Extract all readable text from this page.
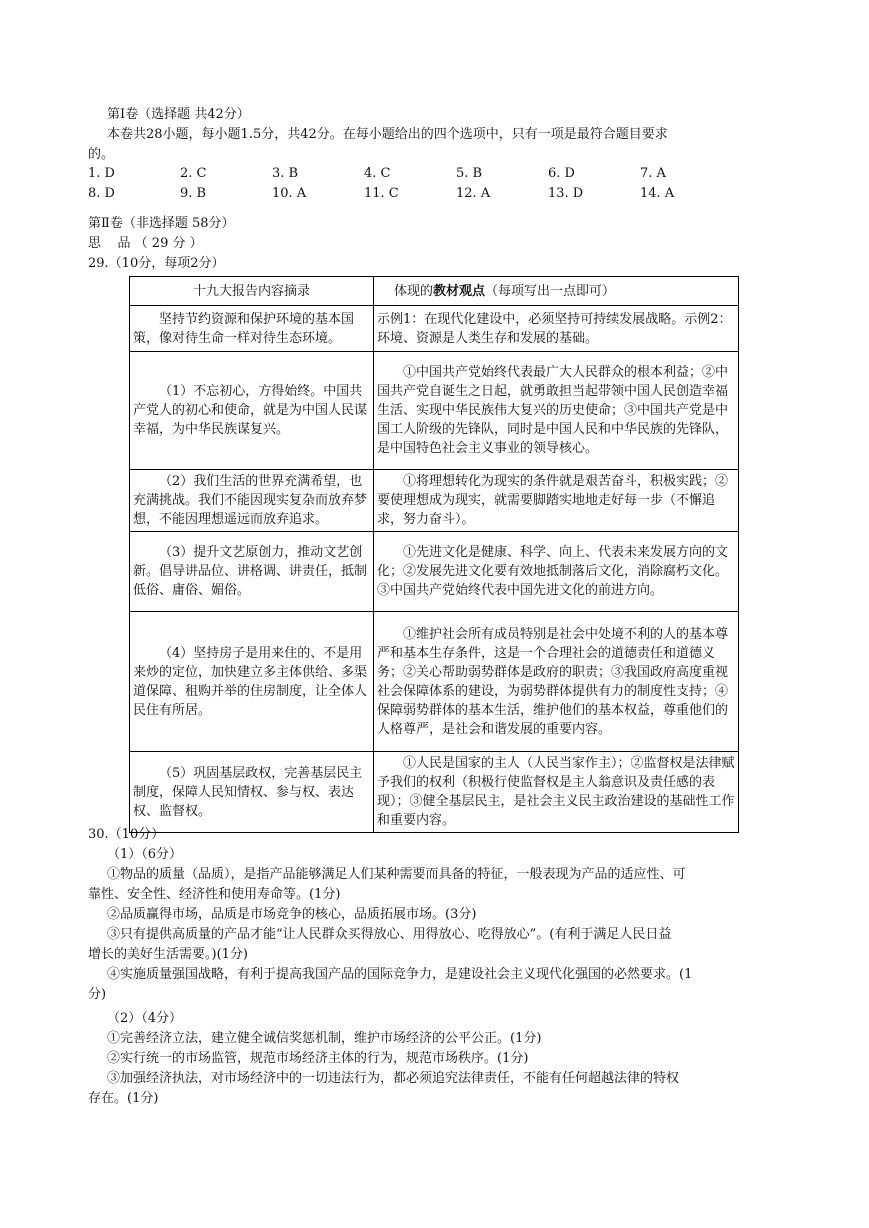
第Ⅰ卷（选择题 共42分）
本卷共28小题，每小题1.5分，共42分。在每小题给出的四个选项中，只有一项是最符合题目要求
的。
1. D	2. C	3. B	4. C	5. B	6. D	7. A
8. D	9. B	10. A	11. C	12. A	13. D	14. A
第Ⅱ卷（非选择题 58分）
思    品 （ 29 分 ）
29.（10分，每项2分）
十九大报告内容摘录	体现的教材观点（每项写出一点即可）
坚持节约资源和保护环境的基本国策，像对待生命一样对待生态环境。	示例1：在现代化建设中，必须坚持可持续发展战略。示例2：环境、资源是人类生存和发展的基础。
（1）不忘初心，方得始终。中国共产党人的初心和使命，就是为中国人民谋幸福，为中华民族谋复兴。	①中国共产党始终代表最广大人民群众的根本利益；②中国共产党自诞生之日起，就勇敢担当起带领中国人民创造幸福生活、实现中华民族伟大复兴的历史使命；③中国共产党是中国工人阶级的先锋队，同时是中国人民和中华民族的先锋队，是中国特色社会主义事业的领导核心。
（2）我们生活的世界充满希望，也充满挑战。我们不能因现实复杂而放弃梦想，不能因理想遥远而放弃追求。	①将理想转化为现实的条件就是艰苦奋斗，积极实践；②要使理想成为现实，就需要脚踏实地地走好每一步（不懈追求，努力奋斗）。
（3）提升文艺原创力，推动文艺创新。倡导讲品位、讲格调、讲责任，抵制低俗、庸俗、媚俗。	①先进文化是健康、科学、向上、代表未来发展方向的文化；②发展先进文化要有效地抵制落后文化，消除腐朽文化。③中国共产党始终代表中国先进文化的前进方向。
（4）坚持房子是用来住的、不是用来炒的定位，加快建立多主体供给、多渠道保障、租购并举的住房制度，让全体人民住有所居。	①维护社会所有成员特别是社会中处境不利的人的基本尊严和基本生存条件，这是一个合理社会的道德责任和道德义务；②关心帮助弱势群体是政府的职责；③我国政府高度重视社会保障体系的建设，为弱势群体提供有力的制度性支持；④保障弱势群体的基本生活，维护他们的基本权益，尊重他们的人格尊严，是社会和谐发展的重要内容。
（5）巩固基层政权，完善基层民主制度，保障人民知情权、参与权、表达权、监督权。	①人民是国家的主人（人民当家作主）；②监督权是法律赋予我们的权利（积极行使监督权是主人翁意识及责任感的表现）；③健全基层民主，是社会主义民主政治建设的基础性工作和重要内容。
30.（10分）
（1）（6分）
①物品的质量（品质），是指产品能够满足人们某种需要而具备的特征，一般表现为产品的适应性、可
靠性、安全性、经济性和使用寿命等。(1分)
②品质赢得市场，品质是市场竞争的核心，品质拓展市场。(3分)
③只有提供高质量的产品才能“让人民群众买得放心、用得放心、吃得放心”。(有利于满足人民日益
增长的美好生活需要。)(1分)
④实施质量强国战略，有利于提高我国产品的国际竞争力，是建设社会主义现代化强国的必然要求。(1
分)
（2）（4分）
①完善经济立法，建立健全诚信奖惩机制，维护市场经济的公平公正。(1分)
②实行统一的市场监管，规范市场经济主体的行为，规范市场秩序。(1分)
③加强经济执法，对市场经济中的一切违法行为，都必须追究法律责任，不能有任何超越法律的特权
存在。(1分)
